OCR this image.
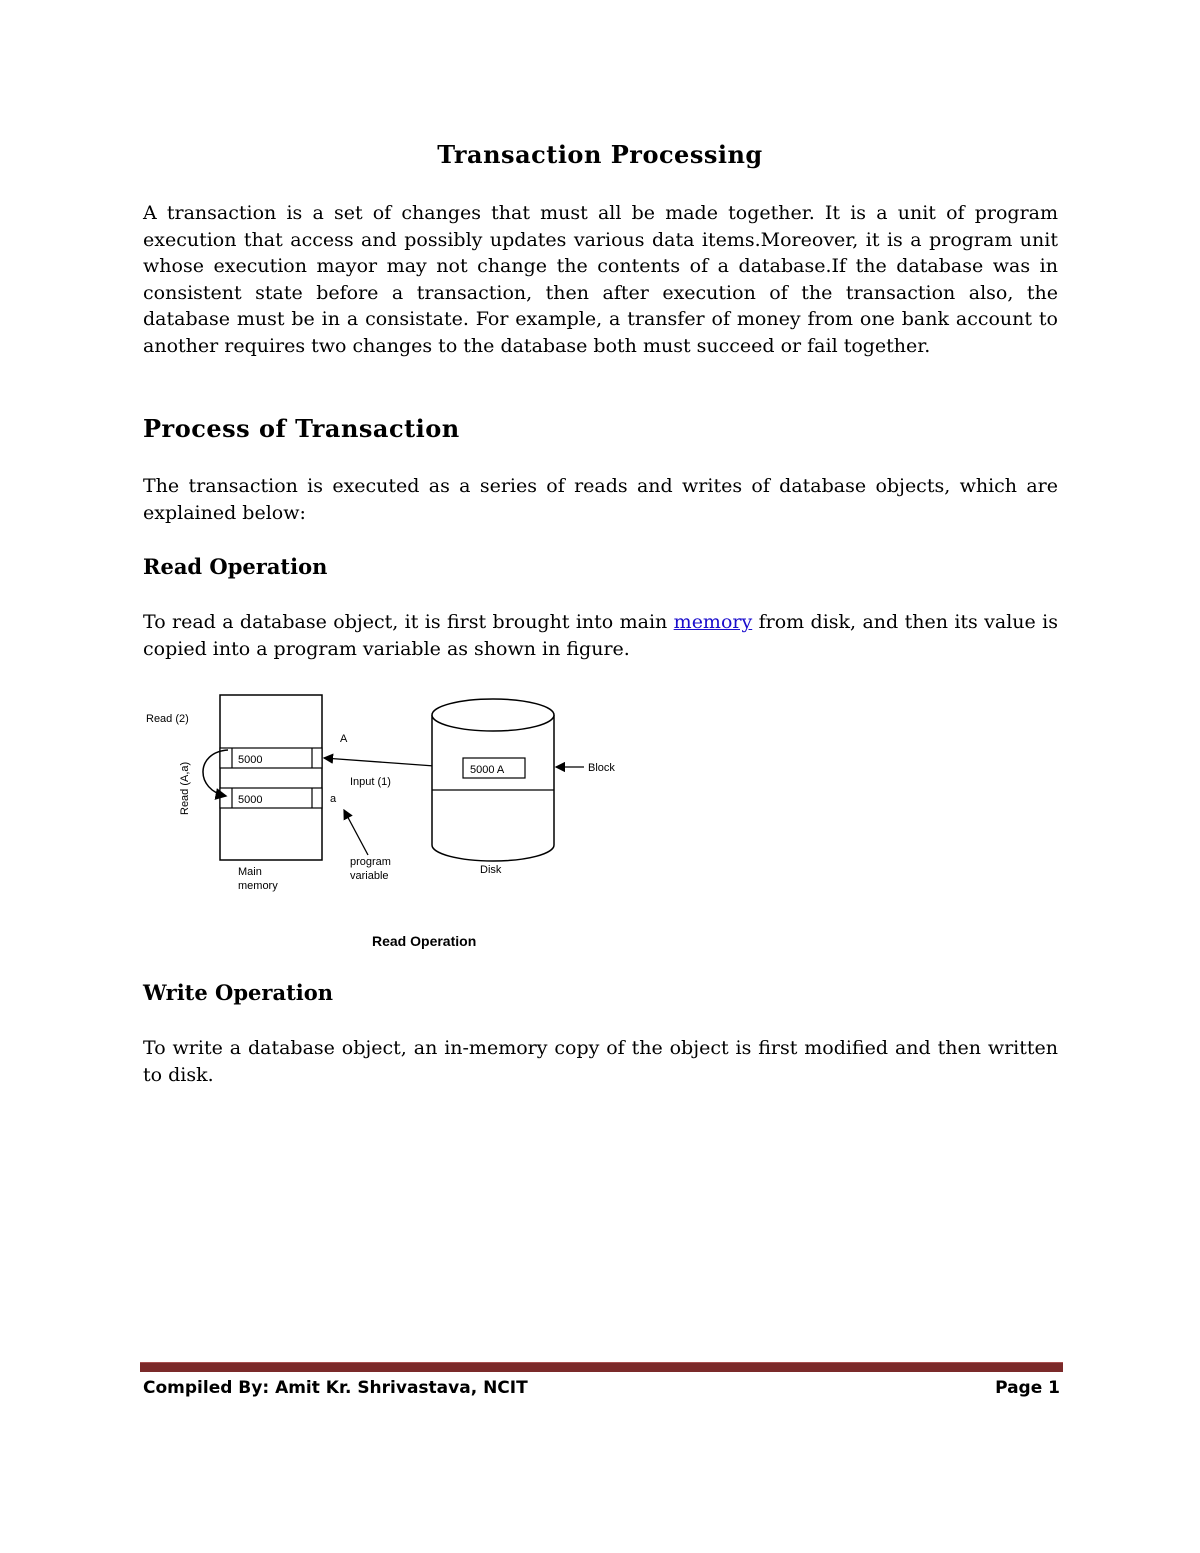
Transaction Processing
A transaction is a set of changes that must all be made together. It is a unit of program execution that access and possibly updates various data items.Moreover, it is a program unit whose execution mayor may not change the contents of a database.If the database was in consistent state before a transaction, then after execution of the transaction also, the database must be in a consistate. For example, a transfer of money from one bank account to another requires two changes to the database both must succeed or fail together.
Process of Transaction
The transaction is executed as a series of reads and writes of database objects, which are explained below:
Read Operation
To read a database object, it is first brought into main memory from disk, and then its value is copied into a program variable as shown in figure.
5000
5000
Read (2)
Read (A,a)
A
a
Input (1)
program
variable
Main
memory
5000 A	Block
Disk
Read Operation
Write Operation
To write a database object, an in-memory copy of the object is first modified and then written to disk.
Compiled By: Amit Kr. Shrivastava, NCIT	Page 1
